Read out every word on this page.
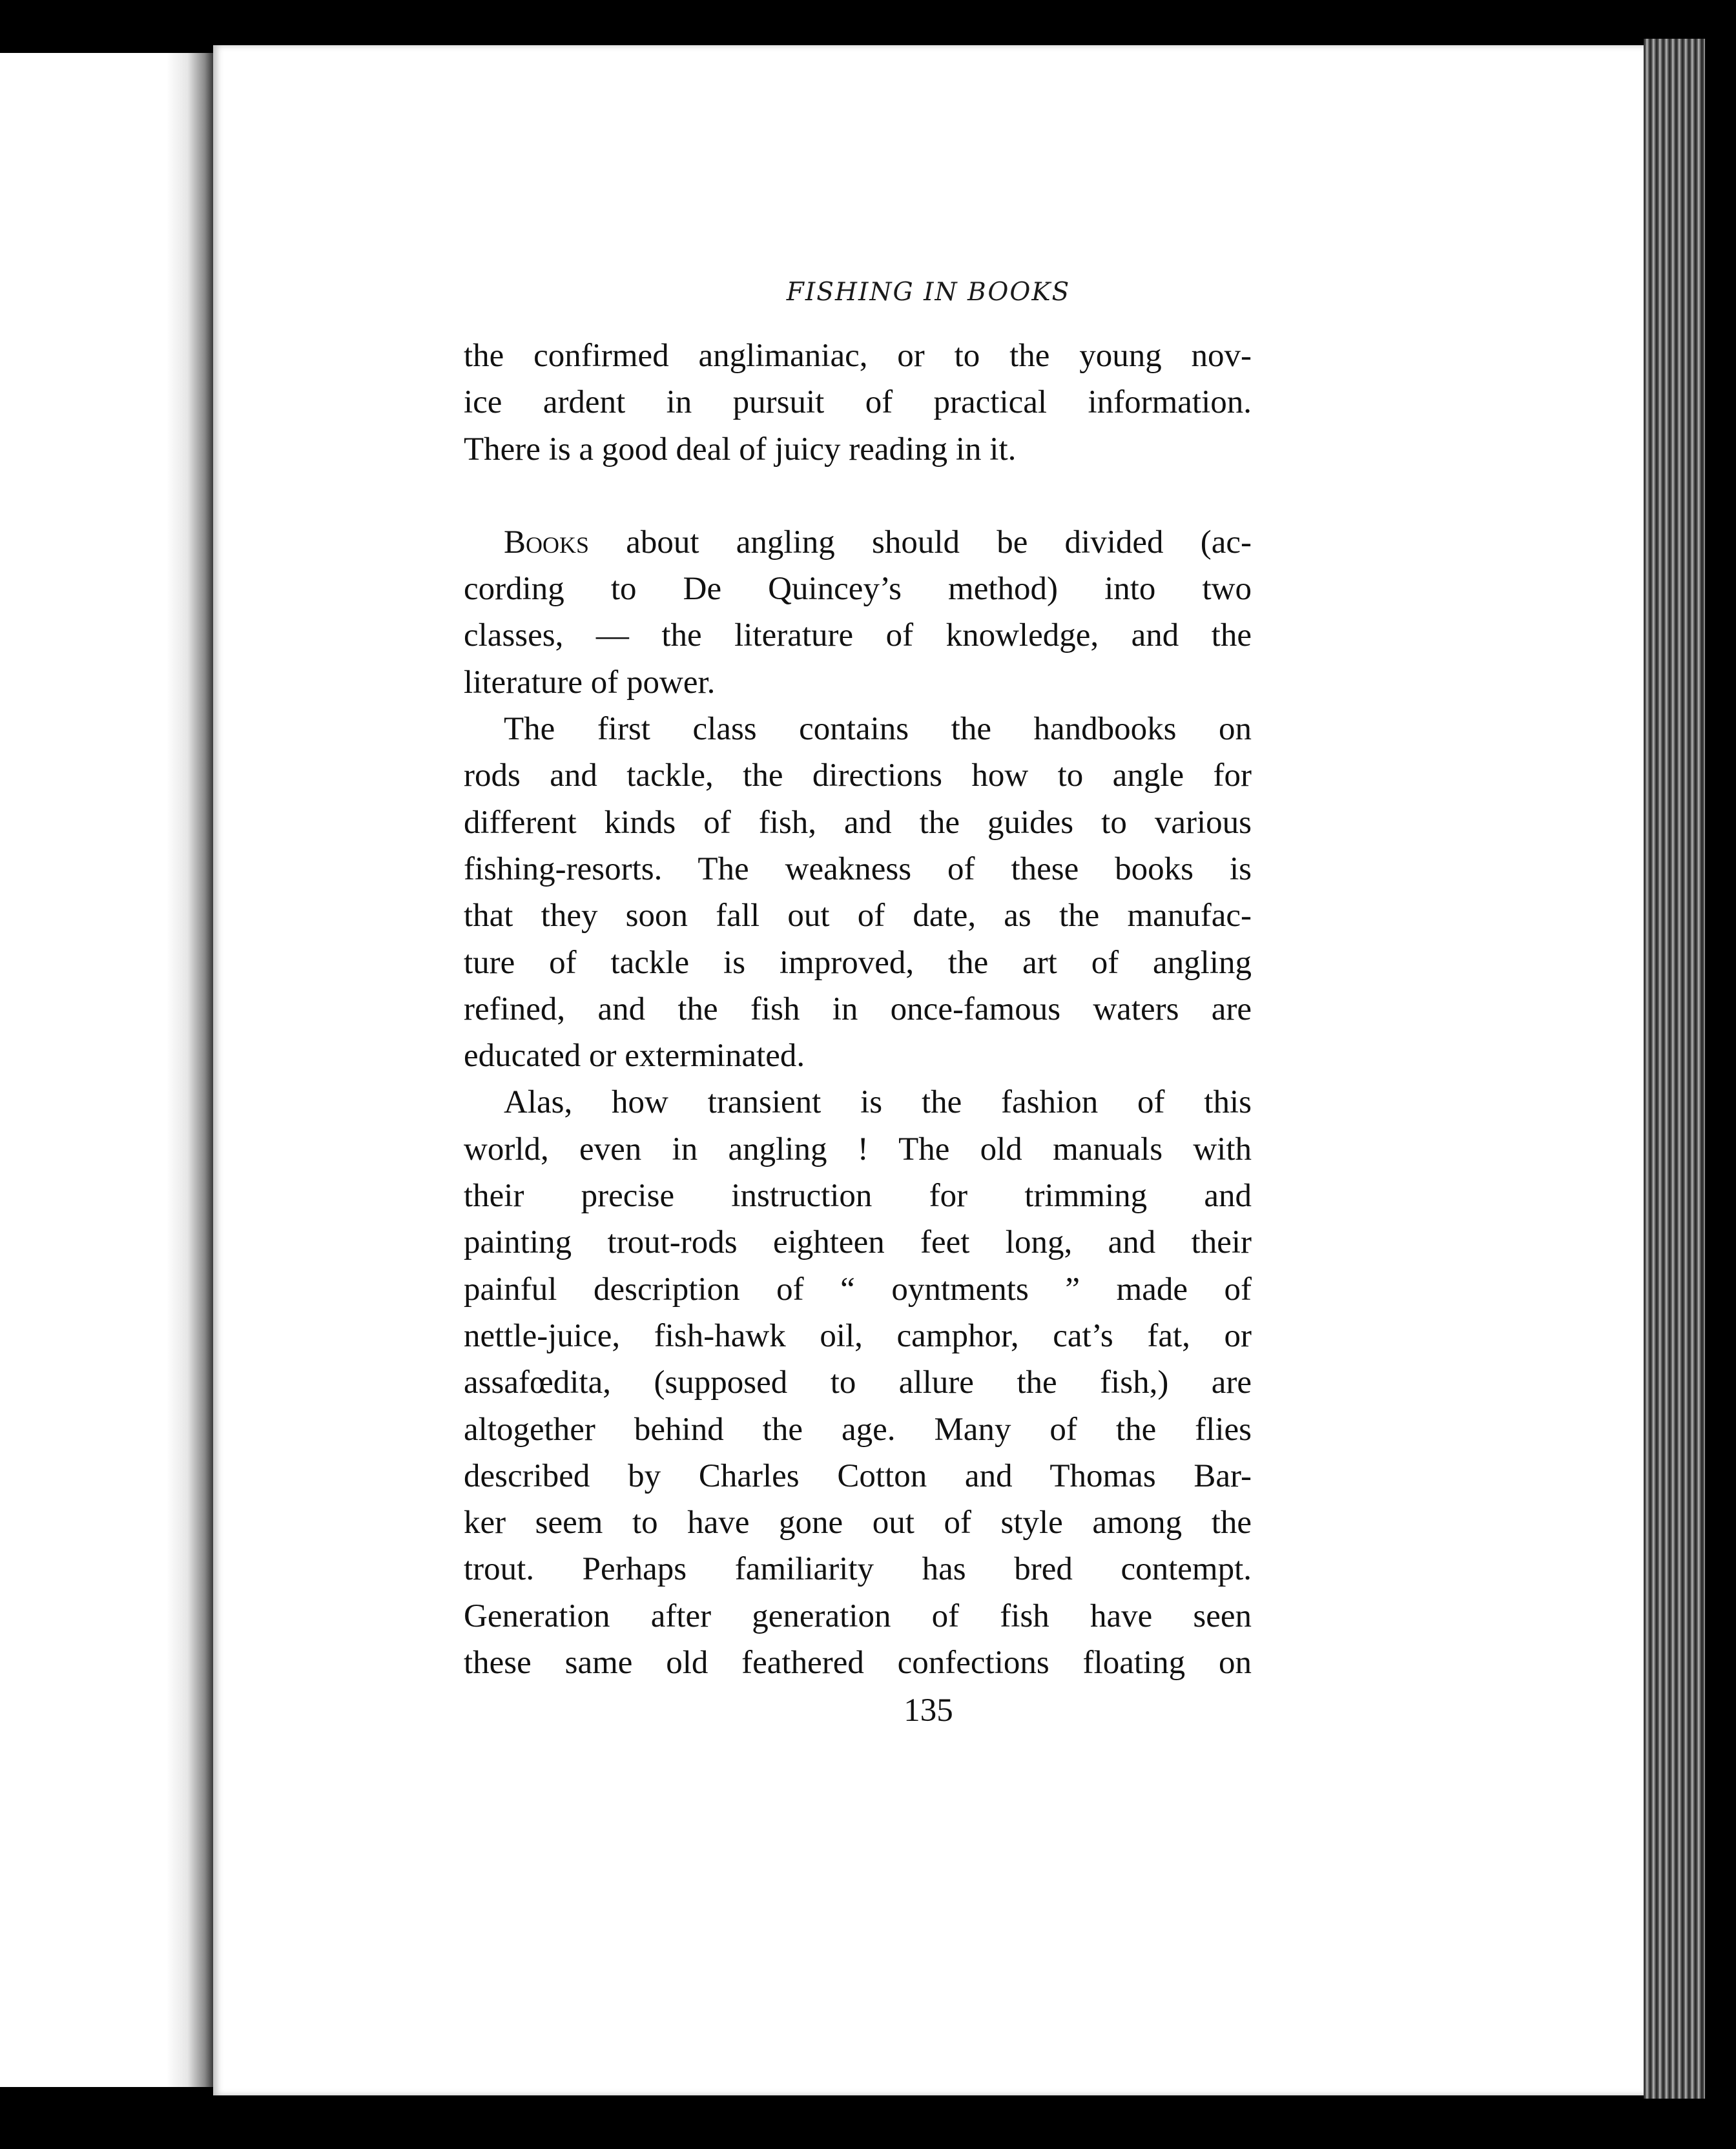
FISHING IN BOOKS

the confirmed anglimaniac, or to the young nov-
ice ardent in pursuit of practical information.
There is a good deal of juicy reading in it.
Books about angling should be divided (ac-
cording to De Quincey’s method) into two
classes, — the literature of knowledge, and the
literature of power.
The first class contains the handbooks on
rods and tackle, the directions how to angle for
different kinds of fish, and the guides to various
fishing-resorts. The weakness of these books is
that they soon fall out of date, as the manufac-
ture of tackle is improved, the art of angling
refined, and the fish in once-famous waters are
educated or exterminated.
Alas, how transient is the fashion of this
world, even in angling ! The old manuals with
their precise instruction for trimming and
painting trout-rods eighteen feet long, and their
painful description of “ oyntments ” made of
nettle-juice, fish-hawk oil, camphor, cat’s fat, or
assafœdita, (supposed to allure the fish,) are
altogether behind the age. Many of the flies
described by Charles Cotton and Thomas Bar-
ker seem to have gone out of style among the
trout. Perhaps familiarity has bred contempt.
Generation after generation of fish have seen
these same old feathered confections floating on

135
